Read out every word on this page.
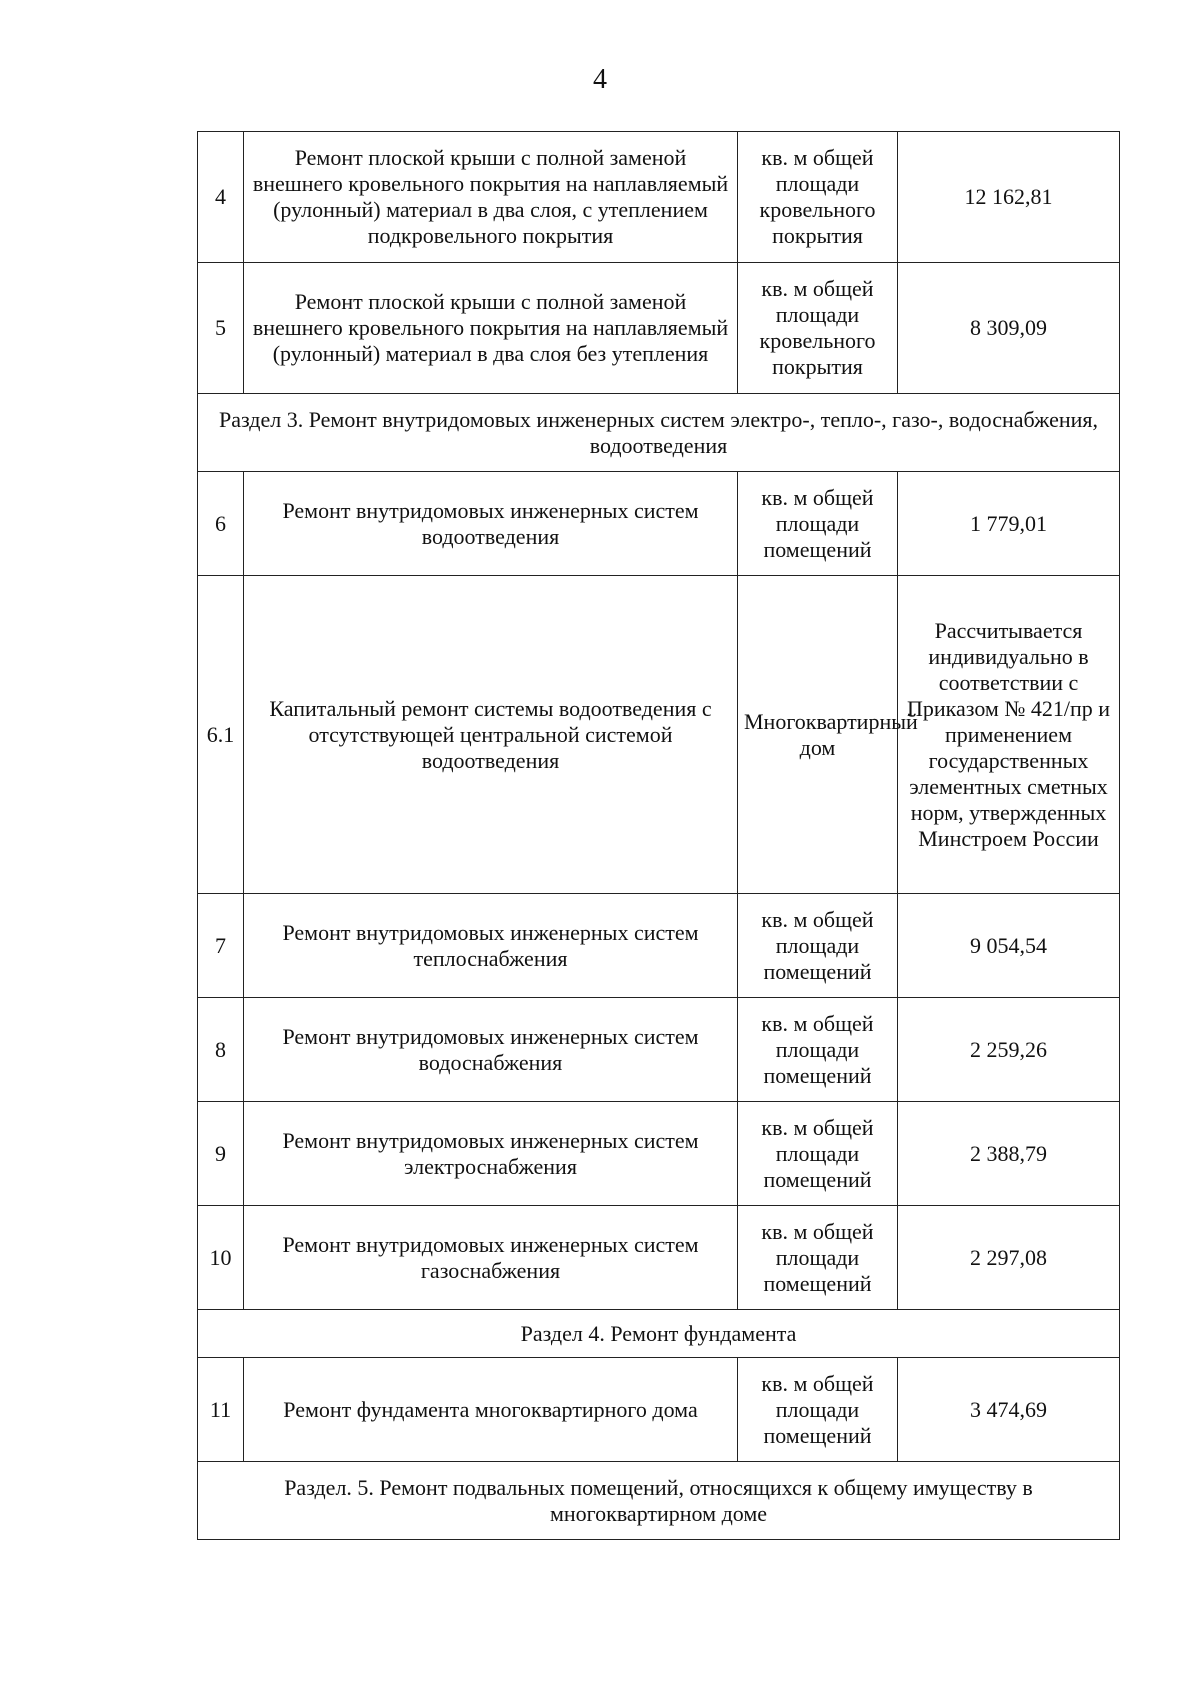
4
4	Ремонт плоской крыши с полной заменой внешнего кровельного покрытия на наплавляемый (рулонный) материал в два слоя, с утеплением подкровельного покрытия	кв. м общей площади кровельного покрытия	12 162,81
5	Ремонт плоской крыши с полной заменой внешнего кровельного покрытия на наплавляемый (рулонный) материал в два слоя без утепления	кв. м общей площади кровельного покрытия	8 309,09
Раздел 3. Ремонт внутридомовых инженерных систем электро-, тепло-, газо-, водоснабжения, водоотведения			
6	Ремонт внутридомовых инженерных систем водоотведения	кв. м общей площади помещений	1 779,01
6.1	Капитальный ремонт системы водоотведения с отсутствующей центральной системой водоотведения	Многоквартирный дом	Рассчитывается индивидуально в соответствии с Приказом № 421/пр и применением государственных элементных сметных норм, утвержденных Минстроем России
7	Ремонт внутридомовых инженерных систем теплоснабжения	кв. м общей площади помещений	9 054,54
8	Ремонт внутридомовых инженерных систем водоснабжения	кв. м общей площади помещений	2 259,26
9	Ремонт внутридомовых инженерных систем электроснабжения	кв. м общей площади помещений	2 388,79
10	Ремонт внутридомовых инженерных систем газоснабжения	кв. м общей площади помещений	2 297,08
Раздел 4. Ремонт фундамента			
11	Ремонт фундамента многоквартирного дома	кв. м общей площади помещений	3 474,69
Раздел. 5. Ремонт подвальных помещений, относящихся к общему имуществу в многоквартирном доме			
